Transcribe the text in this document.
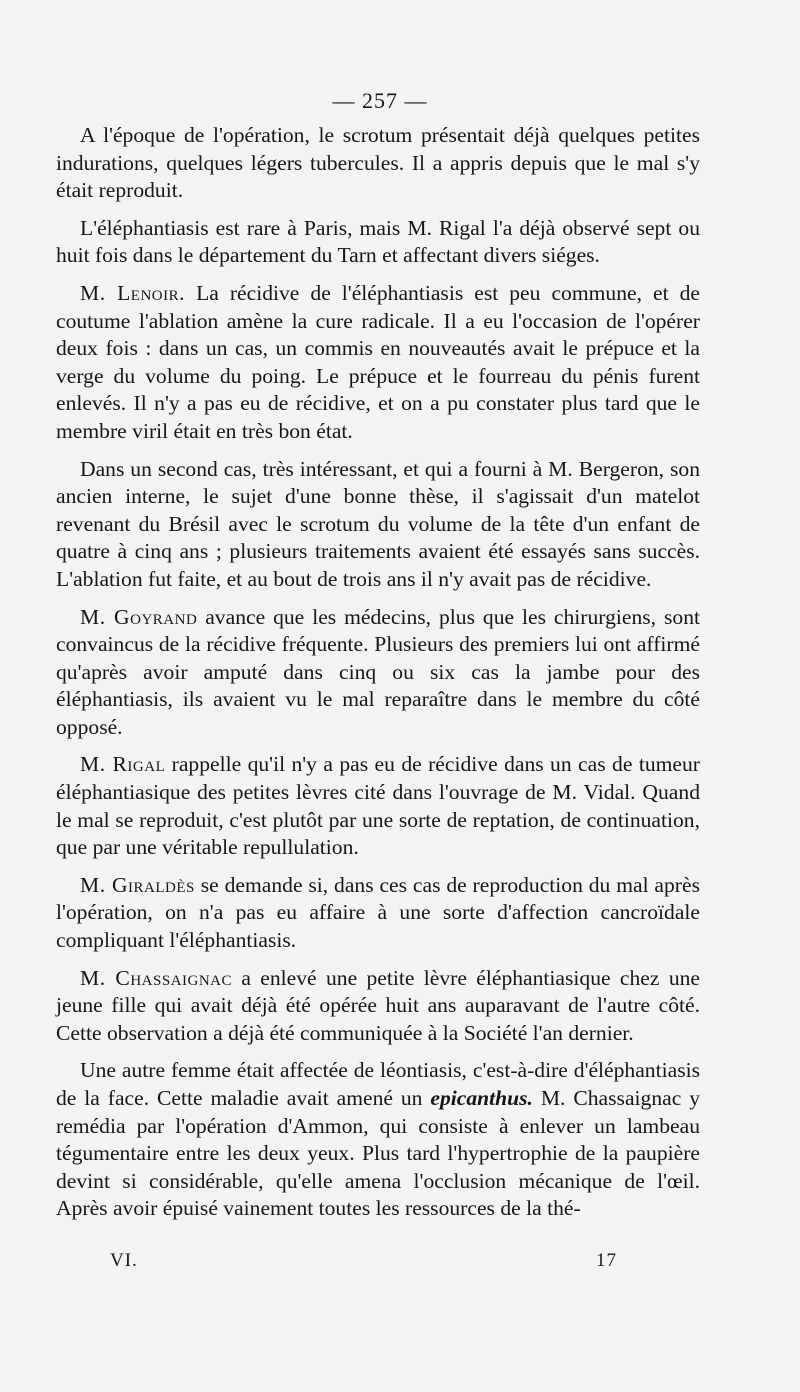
— 257 —

A l'époque de l'opération, le scrotum présentait déjà quelques petites indurations, quelques légers tubercules. Il a appris depuis que le mal s'y était reproduit.

L'éléphantiasis est rare à Paris, mais M. Rigal l'a déjà observé sept ou huit fois dans le département du Tarn et affectant divers siéges.

M. Lenoir. La récidive de l'éléphantiasis est peu commune, et de coutume l'ablation amène la cure radicale. Il a eu l'occasion de l'opérer deux fois : dans un cas, un commis en nouveautés avait le prépuce et la verge du volume du poing. Le prépuce et le fourreau du pénis furent enlevés. Il n'y a pas eu de récidive, et on a pu constater plus tard que le membre viril était en très bon état.

Dans un second cas, très intéressant, et qui a fourni à M. Bergeron, son ancien interne, le sujet d'une bonne thèse, il s'agissait d'un matelot revenant du Brésil avec le scrotum du volume de la tête d'un enfant de quatre à cinq ans ; plusieurs traitements avaient été essayés sans succès. L'ablation fut faite, et au bout de trois ans il n'y avait pas de récidive.

M. Goyrand avance que les médecins, plus que les chirurgiens, sont convaincus de la récidive fréquente. Plusieurs des premiers lui ont affirmé qu'après avoir amputé dans cinq ou six cas la jambe pour des éléphantiasis, ils avaient vu le mal reparaître dans le membre du côté opposé.

M. Rigal rappelle qu'il n'y a pas eu de récidive dans un cas de tumeur éléphantiasique des petites lèvres cité dans l'ouvrage de M. Vidal. Quand le mal se reproduit, c'est plutôt par une sorte de reptation, de continuation, que par une véritable repullulation.

M. Giraldès se demande si, dans ces cas de reproduction du mal après l'opération, on n'a pas eu affaire à une sorte d'affection cancroïdale compliquant l'éléphantiasis.

M. Chassaignac a enlevé une petite lèvre éléphantiasique chez une jeune fille qui avait déjà été opérée huit ans auparavant de l'autre côté. Cette observation a déjà été communiquée à la Société l'an dernier.

Une autre femme était affectée de léontiasis, c'est-à-dire d'éléphantiasis de la face. Cette maladie avait amené un epicanthus. M. Chassaignac y remédia par l'opération d'Ammon, qui consiste à enlever un lambeau tégumentaire entre les deux yeux. Plus tard l'hypertrophie de la paupière devint si considérable, qu'elle amena l'occlusion mécanique de l'œil. Après avoir épuisé vainement toutes les ressources de la thé-

VI.	17
